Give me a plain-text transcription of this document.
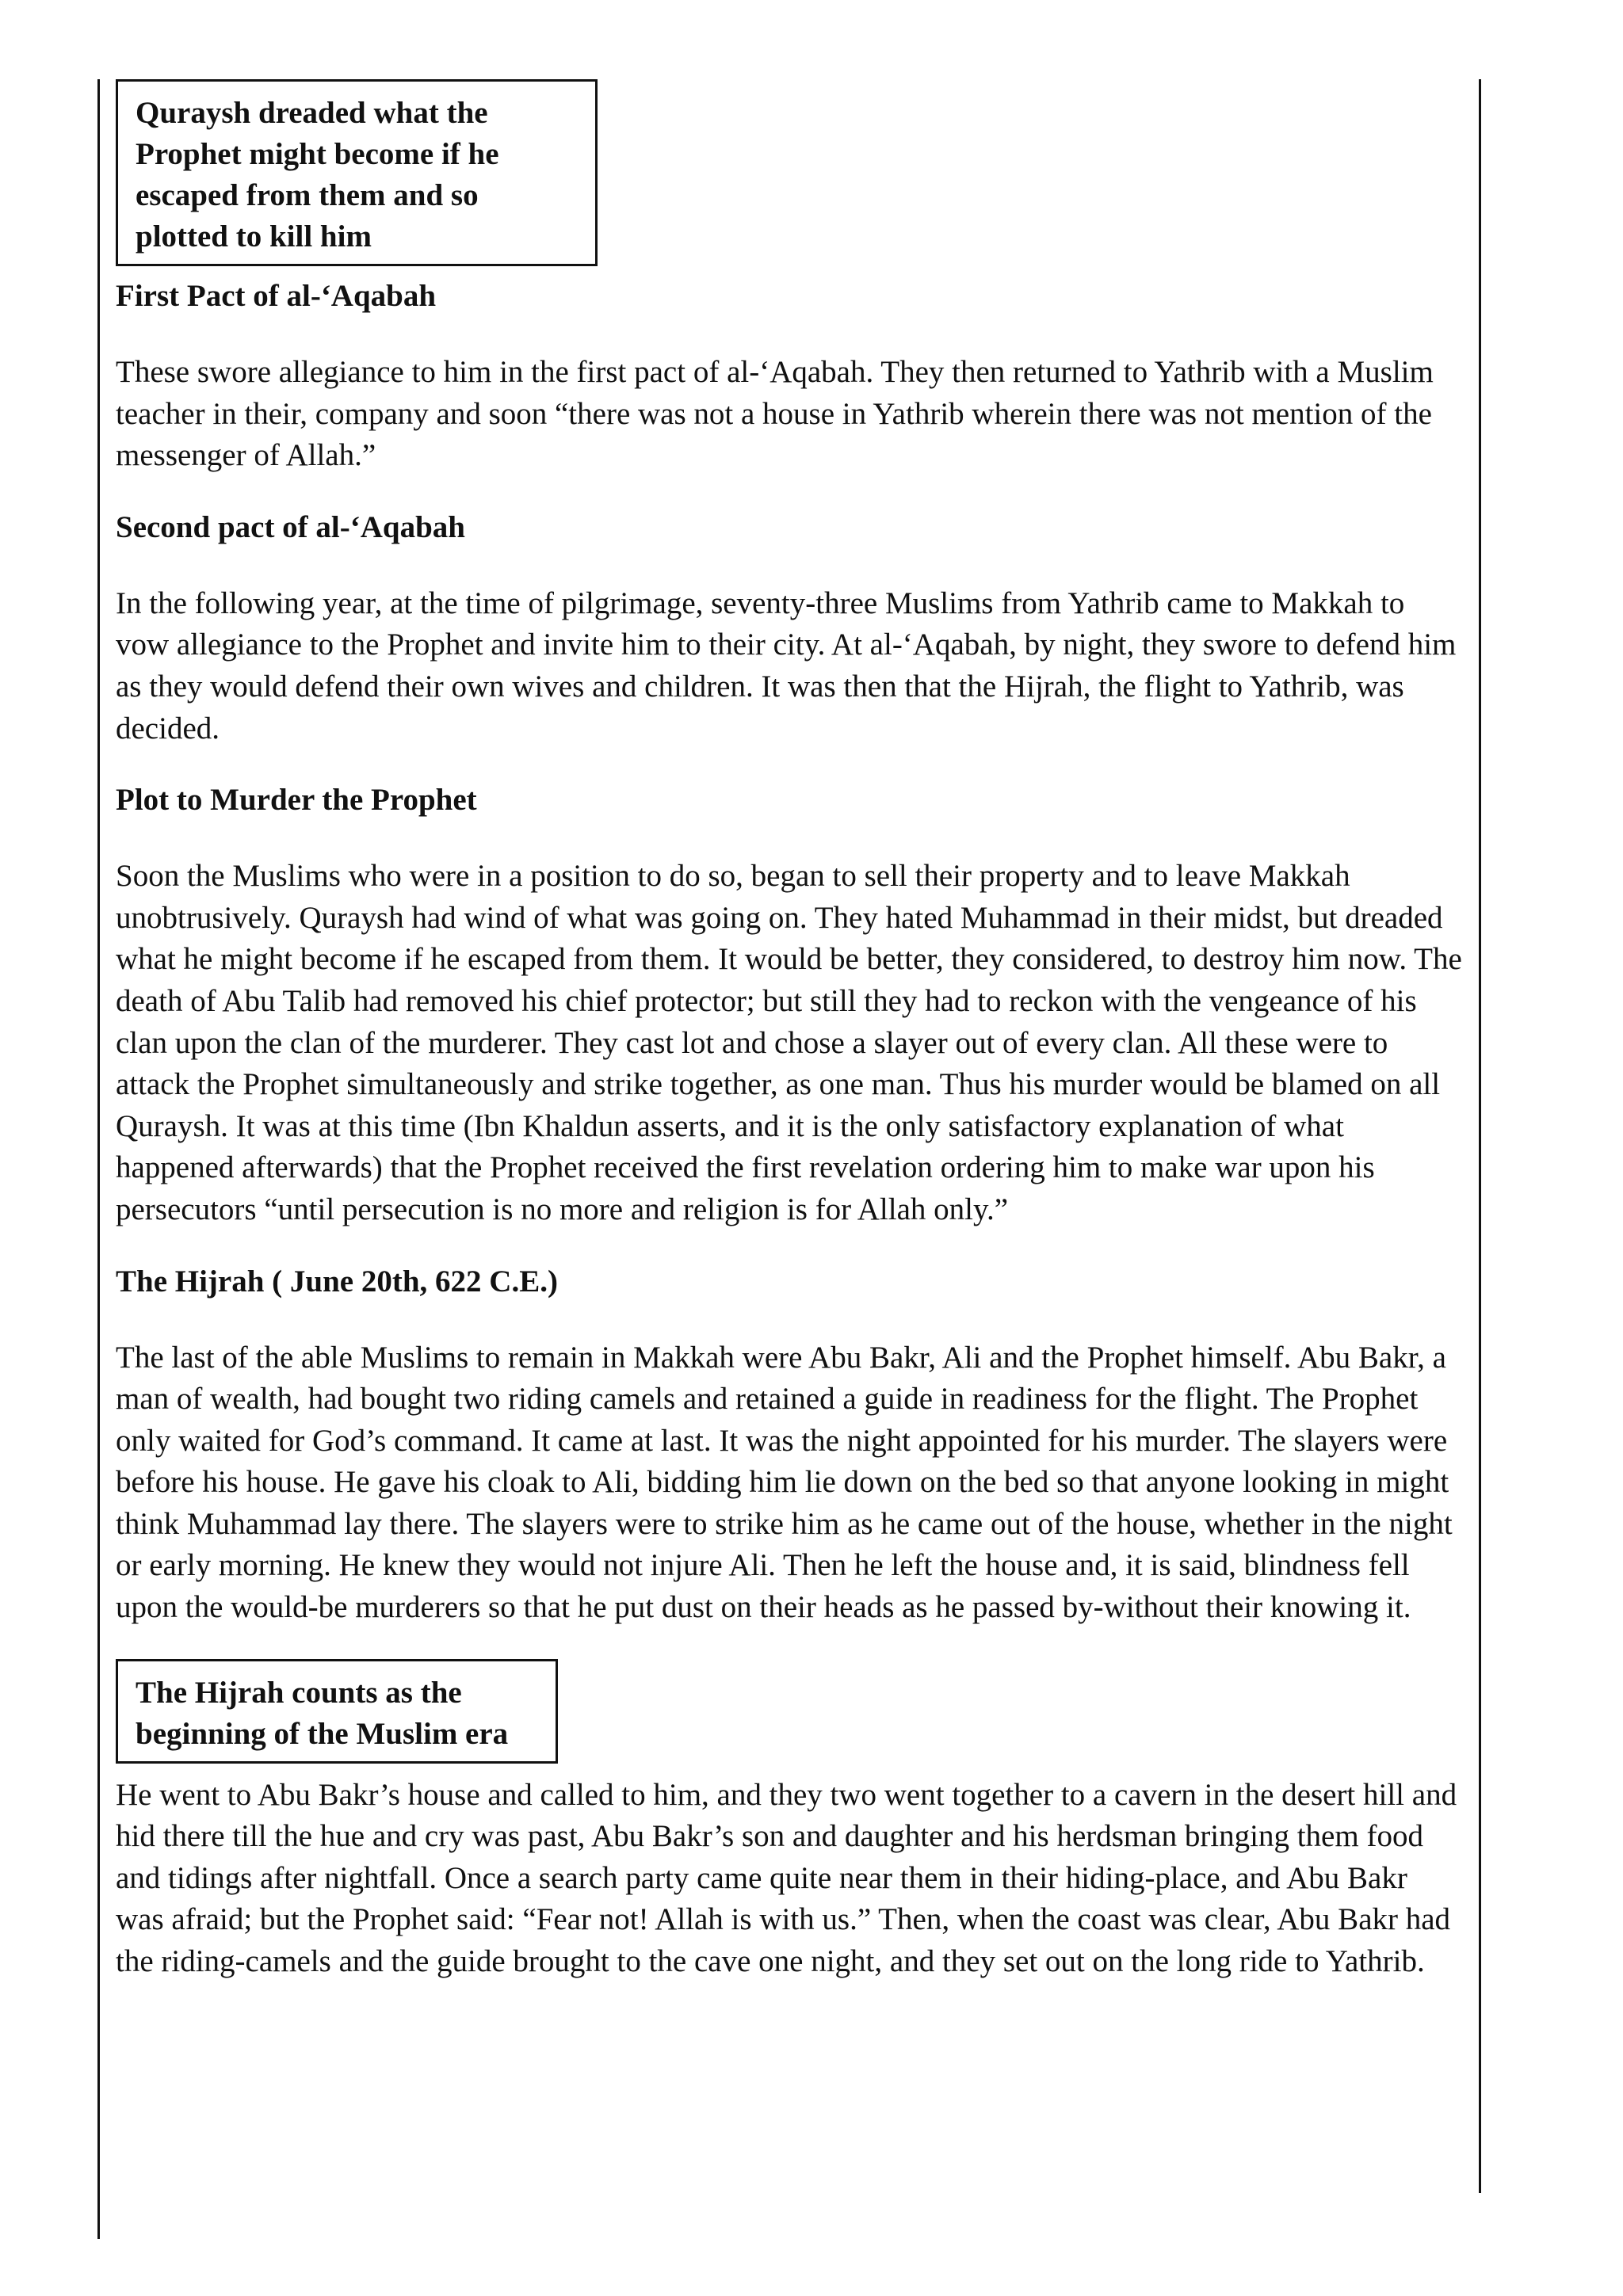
Quraysh dreaded what the Prophet might become if he escaped from them and so plotted to kill him
First Pact of al-‘Aqabah

These swore allegiance to him in the first pact of al-‘Aqabah. They then returned to Yathrib with a Muslim teacher in their, company and soon “there was not a house in Yathrib wherein there was not mention of the messenger of Allah.”

Second pact of al-‘Aqabah

In the following year, at the time of pilgrimage, seventy-three Muslims from Yathrib came to Makkah to vow allegiance to the Prophet and invite him to their city. At al-‘Aqabah, by night, they swore to defend him as they would defend their own wives and children. It was then that the Hijrah, the flight to Yathrib, was decided.

Plot to Murder the Prophet

Soon the Muslims who were in a position to do so, began to sell their property and to leave Makkah unobtrusively. Quraysh had wind of what was going on. They hated Muhammad in their midst, but dreaded what he might become if he escaped from them. It would be better, they considered, to destroy him now. The death of Abu Talib had removed his chief protector; but still they had to reckon with the vengeance of his clan upon the clan of the murderer. They cast lot and chose a slayer out of every clan. All these were to attack the Prophet simultaneously and strike together, as one man. Thus his murder would be blamed on all Quraysh. It was at this time (Ibn Khaldun asserts, and it is the only satisfactory explanation of what happened afterwards) that the Prophet received the first revelation ordering him to make war upon his persecutors “until persecution is no more and religion is for Allah only.”

The Hijrah ( June 20th, 622 C.E.)

The last of the able Muslims to remain in Makkah were Abu Bakr, Ali and the Prophet himself. Abu Bakr, a man of wealth, had bought two riding camels and retained a guide in readiness for the flight. The Prophet only waited for God’s command. It came at last. It was the night appointed for his murder. The slayers were before his house. He gave his cloak to Ali, bidding him lie down on the bed so that anyone looking in might think Muhammad lay there. The slayers were to strike him as he came out of the house, whether in the night or early morning. He knew they would not injure Ali. Then he left the house and, it is said, blindness fell upon the would-be murderers so that he put dust on their heads as he passed by-without their knowing it.

The Hijrah counts as the beginning of the Muslim era

He went to Abu Bakr’s house and called to him, and they two went together to a cavern in the desert hill and hid there till the hue and cry was past, Abu Bakr’s son and daughter and his herdsman bringing them food and tidings after nightfall. Once a search party came quite near them in their hiding-place, and Abu Bakr was afraid; but the Prophet said: “Fear not! Allah is with us.” Then, when the coast was clear, Abu Bakr had the riding-camels and the guide brought to the cave one night, and they set out on the long ride to Yathrib.
